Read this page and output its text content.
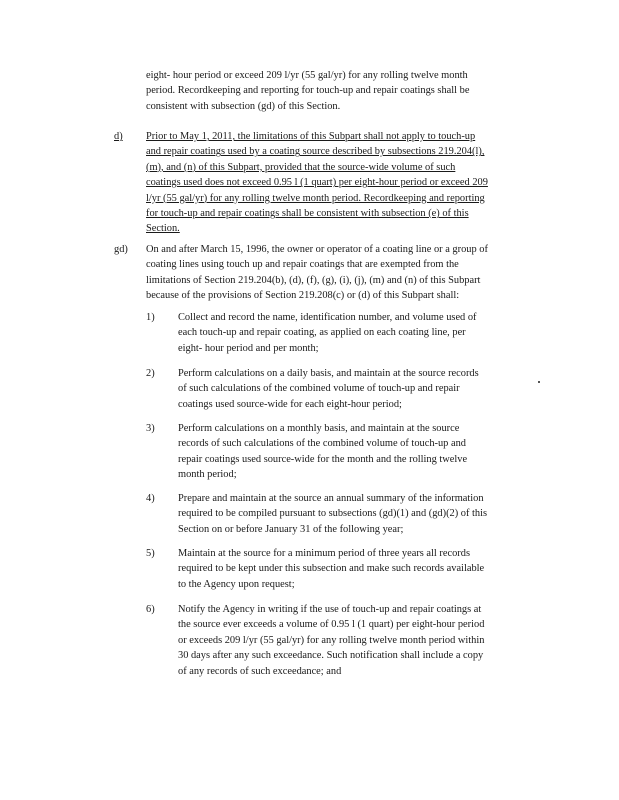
eight- hour period or exceed 209 l/yr (55 gal/yr) for any rolling twelve month
period. Recordkeeping and reporting for touch-up and repair coatings shall be
consistent with subsection (gd) of this Section.
d)	Prior to May 1, 2011, the limitations of this Subpart shall not apply to touch-up
and repair coatings used by a coating source described by subsections 219.204(l),
(m), and (n) of this Subpart, provided that the source-wide volume of such
coatings used does not exceed 0.95 l (1 quart) per eight-hour period or exceed 209
l/yr (55 gal/yr) for any rolling twelve month period. Recordkeeping and reporting
for touch-up and repair coatings shall be consistent with subsection (e) of this
Section.
gd) On and after March 15, 1996, the owner or operator of a coating line or a group of
coating lines using touch up and repair coatings that are exempted from the
limitations of Section 219.204(b), (d), (f), (g), (i), (j), (m) and (n) of this Subpart
because of the provisions of Section 219.208(c) or (d) of this Subpart shall:
1) Collect and record the name, identification number, and volume used of
each touch-up and repair coating, as applied on each coating line, per
eight- hour period and per month;
2) Perform calculations on a daily basis, and maintain at the source records
of such calculations of the combined volume of touch-up and repair
coatings used source-wide for each eight-hour period;
3) Perform calculations on a monthly basis, and maintain at the source
records of such calculations of the combined volume of touch-up and
repair coatings used source-wide for the month and the rolling twelve
month period;
4) Prepare and maintain at the source an annual summary of the information
required to be compiled pursuant to subsections (gd)(1) and (gd)(2) of this
Section on or before January 31 of the following year;
5) Maintain at the source for a minimum period of three years all records
required to be kept under this subsection and make such records available
to the Agency upon request;
6) Notify the Agency in writing if the use of touch-up and repair coatings at
the source ever exceeds a volume of 0.95 l (1 quart) per eight-hour period
or exceeds 209 l/yr (55 gal/yr) for any rolling twelve month period within
30 days after any such exceedance. Such notification shall include a copy
of any records of such exceedance; and
